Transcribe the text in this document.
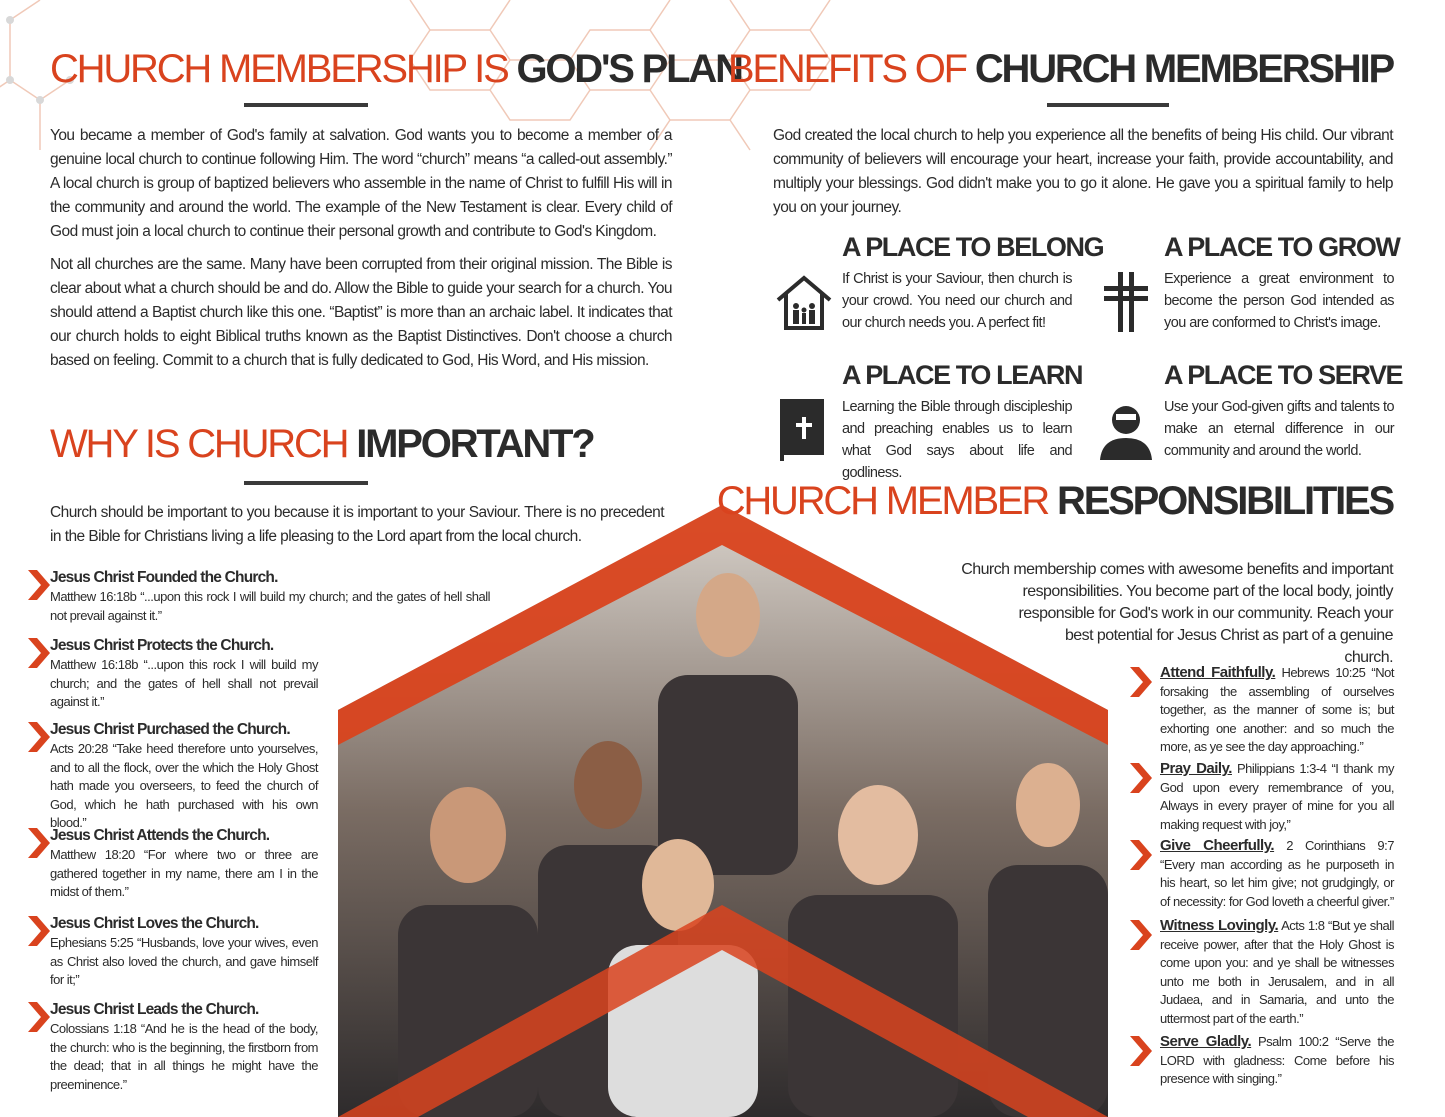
CHURCH MEMBERSHIP IS GOD'S PLAN

You became a member of God's family at salvation. God wants you to become a member of a genuine local church to continue following Him. The word “church” means “a called-out assembly.” A local church is group of baptized believers who assemble in the name of Christ to fulfill His will in the community and around the world. The example of the New Testament is clear. Every child of God must join a local church to continue their personal growth and contribute to God's Kingdom.

Not all churches are the same. Many have been corrupted from their original mission. The Bible is clear about what a church should be and do. Allow the Bible to guide your search for a church. You should attend a Baptist church like this one. “Baptist” is more than an archaic label. It indicates that our church holds to eight Biblical truths known as the Baptist Distinctives. Don't choose a church based on feeling. Commit to a church that is fully dedicated to God, His Word, and His mission.

WHY IS CHURCH IMPORTANT?

Church should be important to you because it is important to your Saviour. There is no precedent in the Bible for Christians living a life pleasing to the Lord apart from the local church.

Jesus Christ Founded the Church.
Matthew 16:18b “...upon this rock I will build my church; and the gates of hell shall not prevail against it.”
Jesus Christ Protects the Church.
Matthew 16:18b “...upon this rock I will build my church; and the gates of hell shall not prevail against it.”
Jesus Christ Purchased the Church.
Acts 20:28 “Take heed therefore unto yourselves, and to all the flock, over the which the Holy Ghost hath made you overseers, to feed the church of God, which he hath purchased with his own blood.”
Jesus Christ Attends the Church.
Matthew 18:20 “For where two or three are gathered together in my name, there am I in the midst of them.”
Jesus Christ Loves the Church.
Ephesians 5:25 “Husbands, love your wives, even as Christ also loved the church, and gave himself for it;”
Jesus Christ Leads the Church.
Colossians 1:18 “And he is the head of the body, the church: who is the beginning, the firstborn from the dead; that in all things he might have the preeminence.”
BENEFITS OF CHURCH MEMBERSHIP

God created the local church to help you experience all the benefits of being His child. Our vibrant community of believers will encourage your heart, increase your faith, provide accountability, and multiply your blessings. God didn't make you to go it alone. He gave you a spiritual family to help you on your journey.

A PLACE TO BELONG

If Christ is your Saviour, then church is your crowd. You need our church and our church needs you. A perfect fit!

A PLACE TO GROW

Experience a great environment to become the person God intended as you are conformed to Christ's image.

A PLACE TO LEARN

Learning the Bible through discipleship and preaching enables us to learn what God says about life and godliness.

A PLACE TO SERVE

Use your God-given gifts and talents to make an eternal difference in our community and around the world.

CHURCH MEMBER RESPONSIBILITIES

Church membership comes with awesome benefits and important responsibilities. You become part of the local body, jointly responsible for God's work in our community. Reach your best potential for Jesus Christ as part of a genuine church.

Attend Faithfully. Hebrews 10:25 “Not forsaking the assembling of ourselves together, as the manner of some is; but exhorting one another: and so much the more, as ye see the day approaching.”
Pray Daily. Philippians 1:3-4 “I thank my God upon every remembrance of you, Always in every prayer of mine for you all making request with joy,”
Give Cheerfully. 2 Corinthians 9:7 “Every man according as he purposeth in his heart, so let him give; not grudgingly, or of necessity: for God loveth a cheerful giver.”
Witness Lovingly. Acts 1:8 “But ye shall receive power, after that the Holy Ghost is come upon you: and ye shall be witnesses unto me both in Jerusalem, and in all Judaea, and in Samaria, and unto the uttermost part of the earth.”
Serve Gladly. Psalm 100:2 “Serve the LORD with gladness: Come before his presence with singing.”
